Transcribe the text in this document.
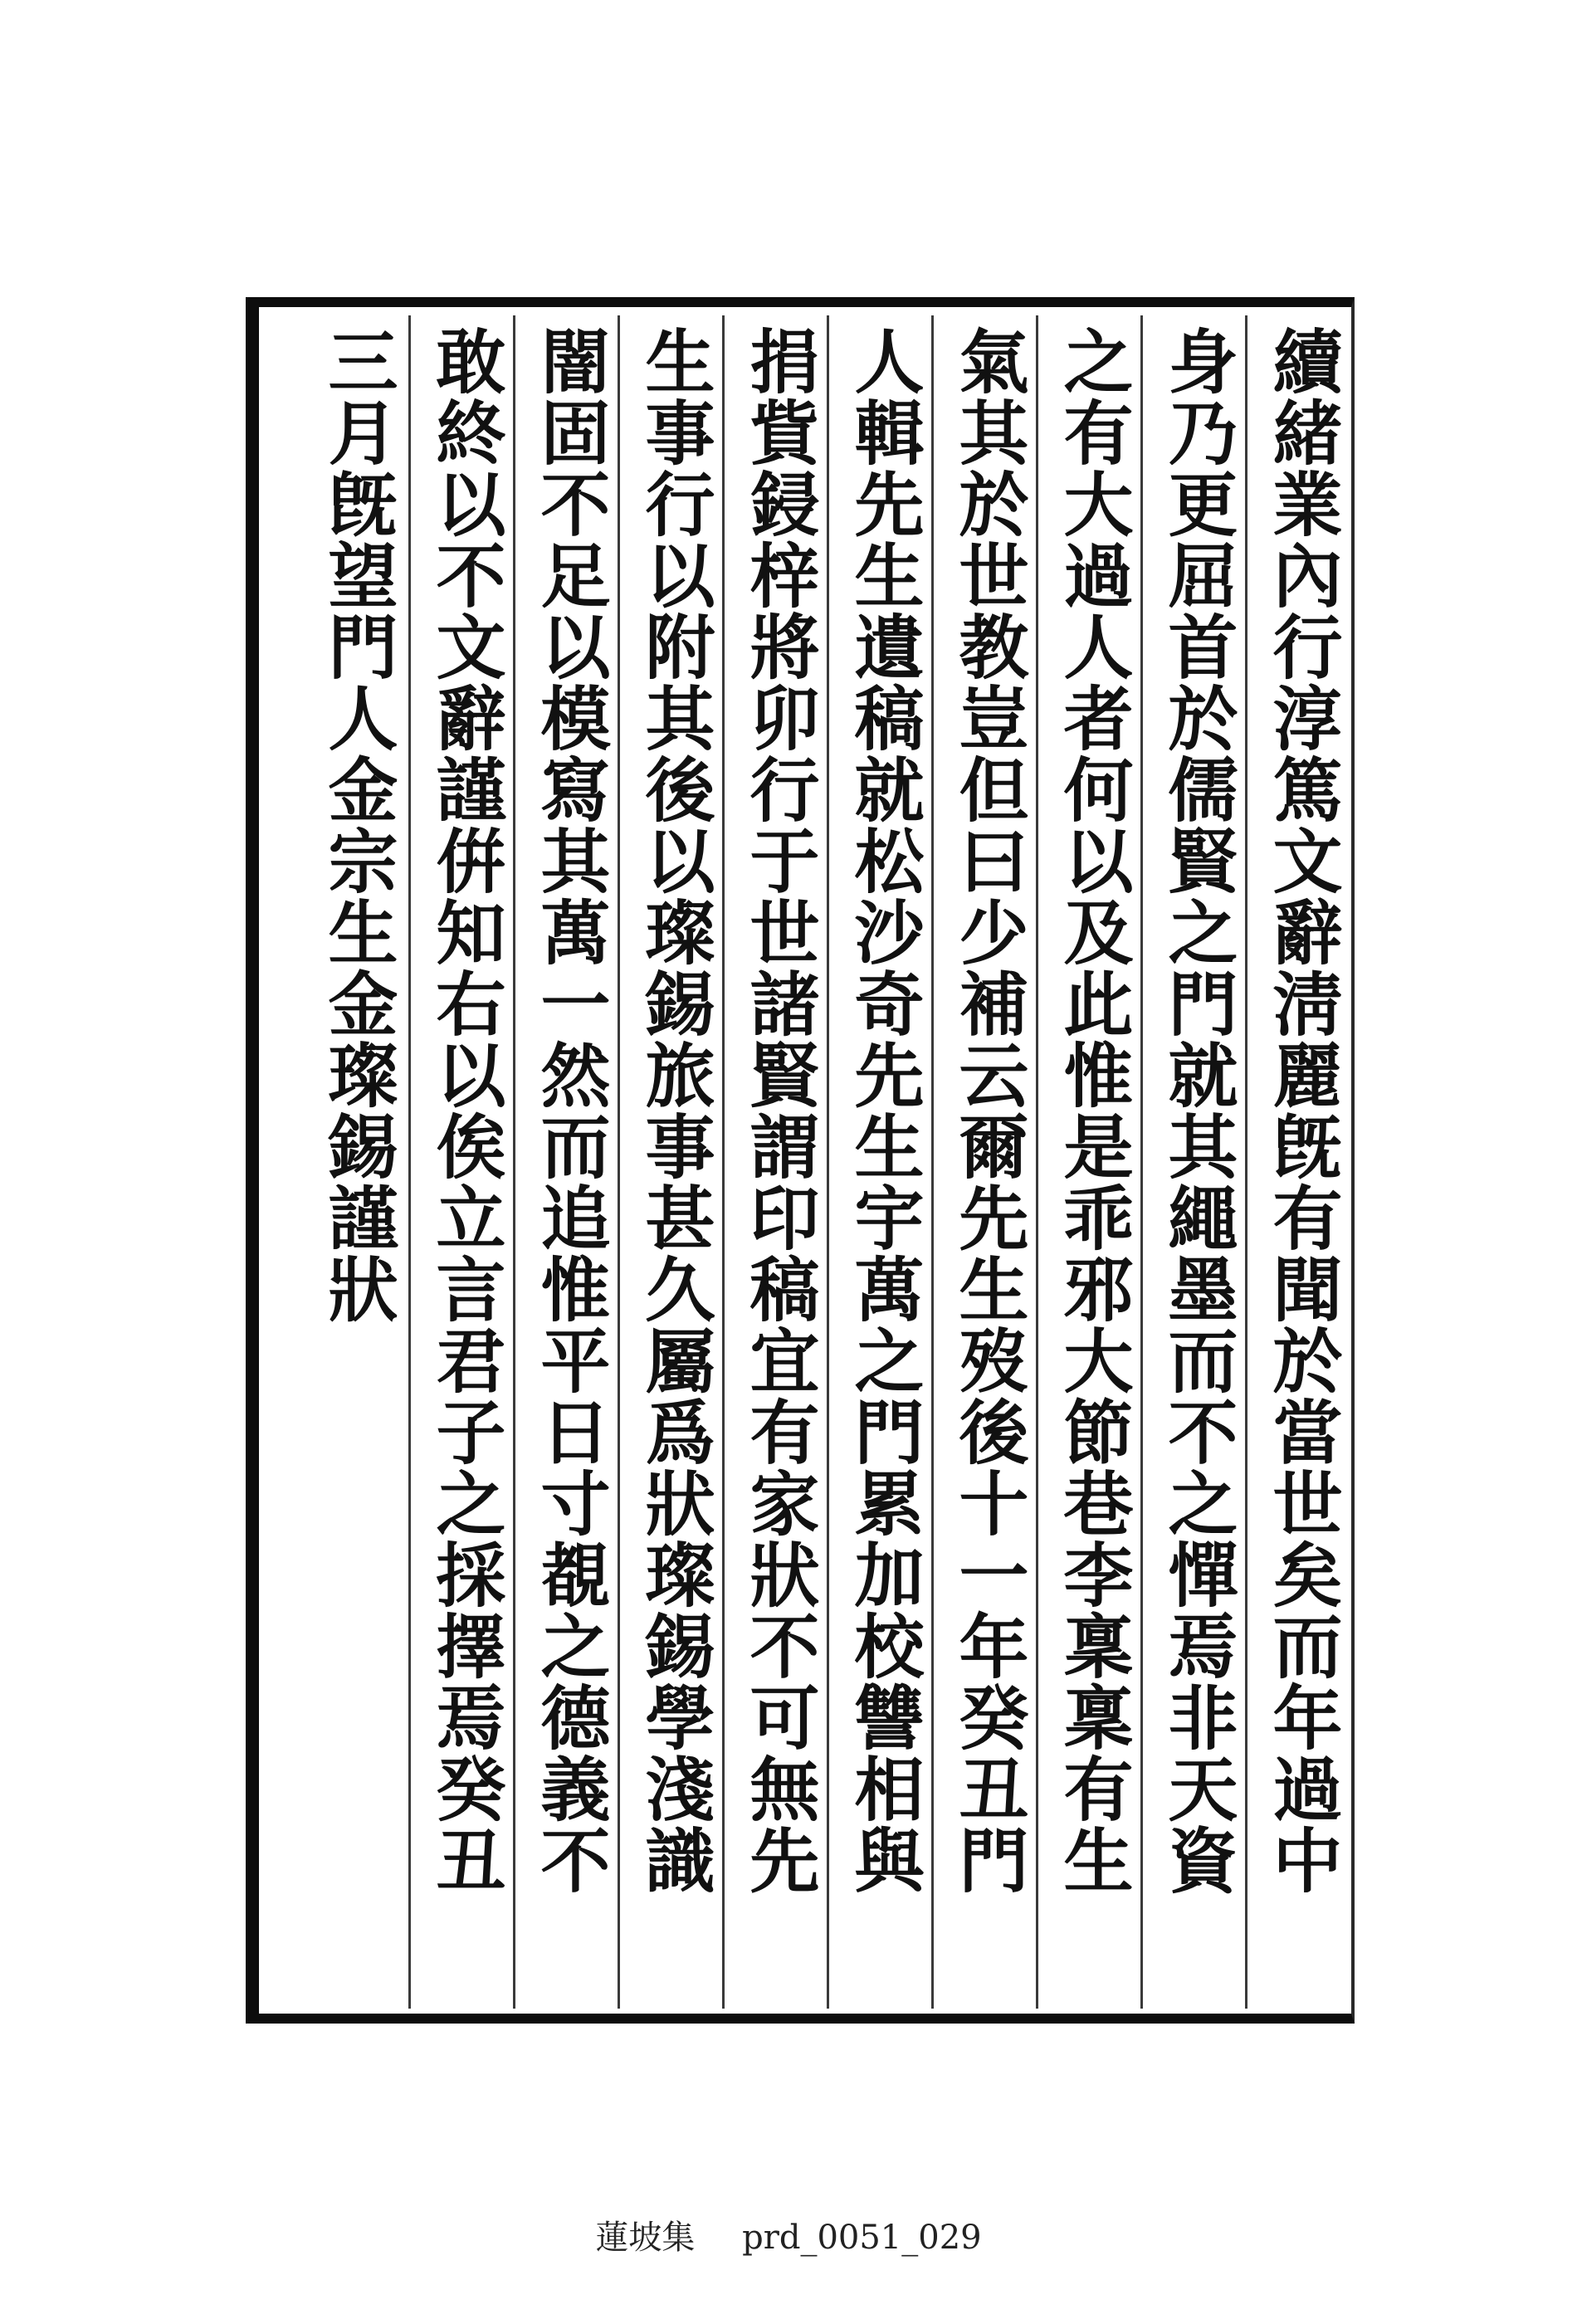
續緒業內行淳篤文辭淸麗旣有聞於當世矣而年過中
身乃更屈首於儒賢之門就其繩墨而不之憚焉非天資
之有大過人者何以及此惟是乖邪大節巷李稟稟有生
氣其於世教豈但曰少補云爾先生歿後十一年癸丑門
人輯先生遺稿就松沙奇先生宇萬之門累加校讐相與
捐貲鋟梓將卯行于世諸賢謂印稿宜有家狀不可無先
生事行以附其後以璨錫旅事甚久屬爲狀璨錫學淺識
闇固不足以模寫其萬一然而追惟平日寸覩之德義不
敢終以不文辭謹倂知右以俟立言君子之採擇焉癸丑
三月旣望門人金宗生金璨錫謹狀
蓮坡集 prd_0051_029
